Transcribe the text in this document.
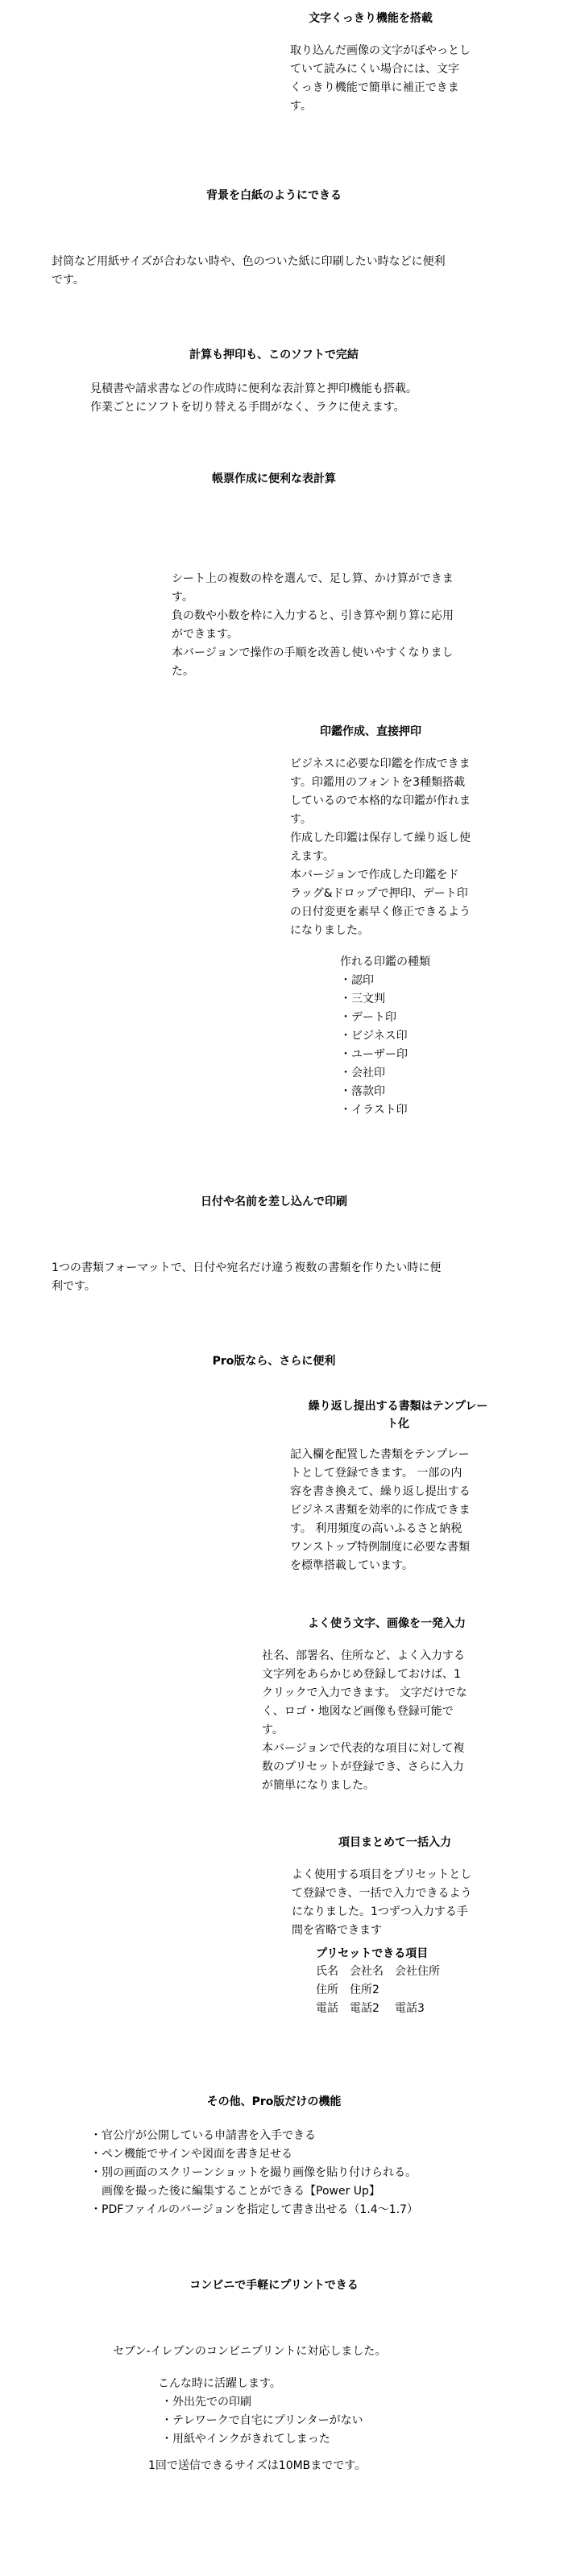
文字くっきり機能を搭載

取り込んだ画像の文字がぼやっとし

ていて読みにくい場合には、文字

くっきり機能で簡単に補正できま

す。

背景を白紙のようにできる

封筒など用紙サイズが合わない時や、色のついた紙に印刷したい時などに便利

です。

計算も押印も、このソフトで完結

見積書や請求書などの作成時に便利な表計算と押印機能も搭載。

作業ごとにソフトを切り替える手間がなく、ラクに使えます。

帳票作成に便利な表計算

シート上の複数の枠を選んで、足し算、かけ算ができま

す。

負の数や小数を枠に入力すると、引き算や割り算に応用

ができます。

本バージョンで操作の手順を改善し使いやすくなりまし

た。

印鑑作成、直接押印

ビジネスに必要な印鑑を作成できま

す。印鑑用のフォントを3種類搭載

しているので本格的な印鑑が作れま

す。

作成した印鑑は保存して繰り返し使

えます。

本バージョンで作成した印鑑をド

ラッグ&ドロップで押印、デート印

の日付変更を素早く修正できるよう

になりました。

作れる印鑑の種類
・認印
・三文判
・デート印
・ビジネス印
・ユーザー印
・会社印
・落款印
・イラスト印
日付や名前を差し込んで印刷

1つの書類フォーマットで、日付や宛名だけ違う複数の書類を作りたい時に便

利です。

Pro版なら、さらに便利

繰り返し提出する書類はテンプレー

ト化

記入欄を配置した書類をテンプレー

トとして登録できます。 一部の内

容を書き換えて、繰り返し提出する

ビジネス書類を効率的に作成できま

す。 利用頻度の高いふるさと納税

ワンストップ特例制度に必要な書類

を標準搭載しています。

よく使う文字、画像を一発入力

社名、部署名、住所など、よく入力する

文字列をあらかじめ登録しておけば、1

クリックで入力できます。 文字だけでな

く、ロゴ・地図など画像も登録可能で

す。

本バージョンで代表的な項目に対して複

数のプリセットが登録でき、さらに入力

が簡単になりました。

項目まとめて一括入力

よく使用する項目をプリセットとし

て登録でき、一括で入力できるよう

になりました。1つずつ入力する手

間を省略できます

プリセットできる項目
氏名	会社名	会社住所
住所	住所2	
電話	電話2	電話3
その他、Pro版だけの機能

・官公庁が公開している申請書を入手できる

・ペン機能でサインや図面を書き足せる

・別の画面のスクリーンショットを撮り画像を貼り付けられる。

　画像を撮った後に編集することができる【Power Up】

・PDFファイルのバージョンを指定して書き出せる（1.4～1.7）

コンビニで手軽にプリントできる
セブン-イレブンのコンビニプリントに対応しました。
こんな時に活躍します。
・外出先での印刷
・テレワークで自宅にプリンターがない
・用紙やインクがきれてしまった
1回で送信できるサイズは10MBまでです。
